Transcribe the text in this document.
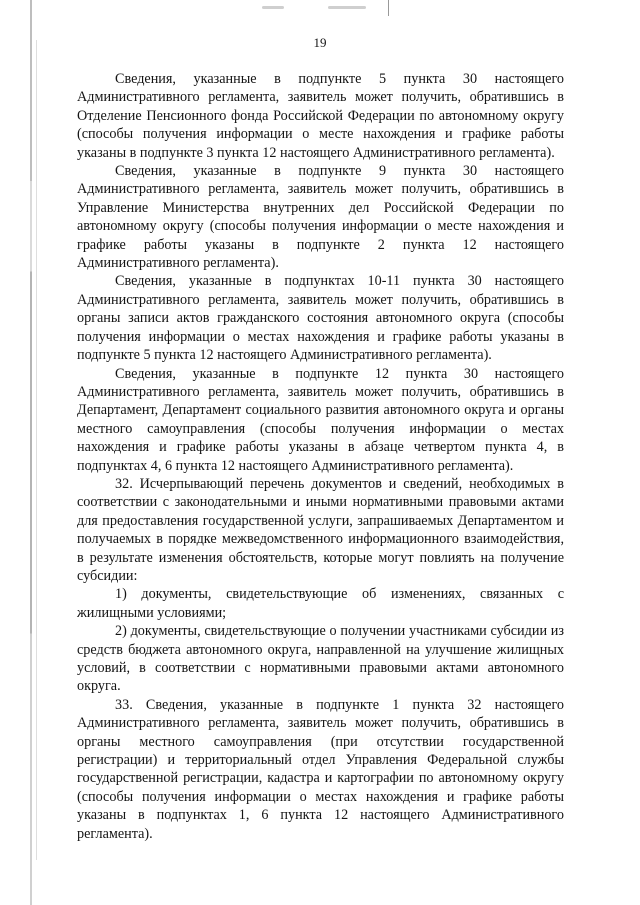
19

Сведения, указанные в подпункте 5 пункта 30 настоящего Административного регламента, заявитель может получить, обратившись в Отделение Пенсионного фонда Российской Федерации по автономному округу (способы получения информации о месте нахождения и графике работы указаны в подпункте 3 пункта 12 настоящего Административного регламента).

Сведения, указанные в подпункте 9 пункта 30 настоящего Административного регламента, заявитель может получить, обратившись в Управление Министерства внутренних дел Российской Федерации по автономному округу (способы получения информации о месте нахождения и графике работы указаны в подпункте 2 пункта 12 настоящего Административного регламента).

Сведения, указанные в подпунктах 10-11 пункта 30 настоящего Административного регламента, заявитель может получить, обратившись в органы записи актов гражданского состояния автономного округа (способы получения информации о местах нахождения и графике работы указаны в подпункте 5 пункта 12 настоящего Административного регламента).

Сведения, указанные в подпункте 12 пункта 30 настоящего Административного регламента, заявитель может получить, обратившись в Департамент, Департамент социального развития автономного округа и органы местного самоуправления (способы получения информации о местах нахождения и графике работы указаны в абзаце четвертом пункта 4, в подпунктах 4, 6 пункта 12 настоящего Административного регламента).

32. Исчерпывающий перечень документов и сведений, необходимых в соответствии с законодательными и иными нормативными правовыми актами для предоставления государственной услуги, запрашиваемых Департаментом и получаемых в порядке межведомственного информационного взаимодействия, в результате изменения обстоятельств, которые могут повлиять на получение субсидии:

1) документы, свидетельствующие об изменениях, связанных с жилищными условиями;

2) документы, свидетельствующие о получении участниками субсидии из средств бюджета автономного округа, направленной на улучшение жилищных условий, в соответствии с нормативными правовыми актами автономного округа.

33. Сведения, указанные в подпункте 1 пункта 32 настоящего Административного регламента, заявитель может получить, обратившись в органы местного самоуправления (при отсутствии государственной регистрации) и территориальный отдел Управления Федеральной службы государственной регистрации, кадастра и картографии по автономному округу (способы получения информации о местах нахождения и графике работы указаны в подпунктах 1, 6 пункта 12 настоящего Административного регламента).
